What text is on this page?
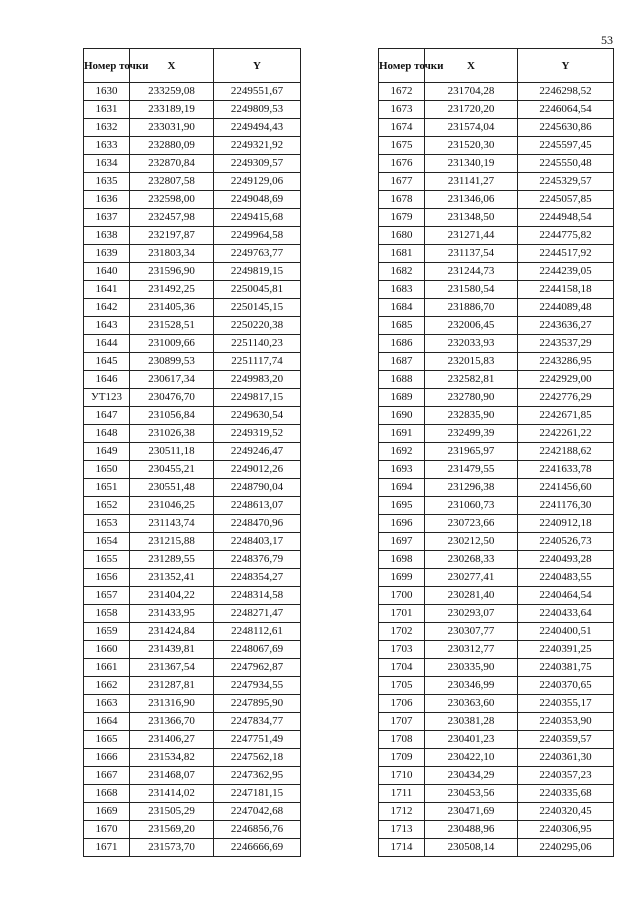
53
Номер точки	X	Y
1630	233259,08	2249551,67
1631	233189,19	2249809,53
1632	233031,90	2249494,43
1633	232880,09	2249321,92
1634	232870,84	2249309,57
1635	232807,58	2249129,06
1636	232598,00	2249048,69
1637	232457,98	2249415,68
1638	232197,87	2249964,58
1639	231803,34	2249763,77
1640	231596,90	2249819,15
1641	231492,25	2250045,81
1642	231405,36	2250145,15
1643	231528,51	2250220,38
1644	231009,66	2251140,23
1645	230899,53	2251117,74
1646	230617,34	2249983,20
УТ123	230476,70	2249817,15
1647	231056,84	2249630,54
1648	231026,38	2249319,52
1649	230511,18	2249246,47
1650	230455,21	2249012,26
1651	230551,48	2248790,04
1652	231046,25	2248613,07
1653	231143,74	2248470,96
1654	231215,88	2248403,17
1655	231289,55	2248376,79
1656	231352,41	2248354,27
1657	231404,22	2248314,58
1658	231433,95	2248271,47
1659	231424,84	2248112,61
1660	231439,81	2248067,69
1661	231367,54	2247962,87
1662	231287,81	2247934,55
1663	231316,90	2247895,90
1664	231366,70	2247834,77
1665	231406,27	2247751,49
1666	231534,82	2247562,18
1667	231468,07	2247362,95
1668	231414,02	2247181,15
1669	231505,29	2247042,68
1670	231569,20	2246856,76
1671	231573,70	2246666,69
Номер точки	X	Y
1672	231704,28	2246298,52
1673	231720,20	2246064,54
1674	231574,04	2245630,86
1675	231520,30	2245597,45
1676	231340,19	2245550,48
1677	231141,27	2245329,57
1678	231346,06	2245057,85
1679	231348,50	2244948,54
1680	231271,44	2244775,82
1681	231137,54	2244517,92
1682	231244,73	2244239,05
1683	231580,54	2244158,18
1684	231886,70	2244089,48
1685	232006,45	2243636,27
1686	232033,93	2243537,29
1687	232015,83	2243286,95
1688	232582,81	2242929,00
1689	232780,90	2242776,29
1690	232835,90	2242671,85
1691	232499,39	2242261,22
1692	231965,97	2242188,62
1693	231479,55	2241633,78
1694	231296,38	2241456,60
1695	231060,73	2241176,30
1696	230723,66	2240912,18
1697	230212,50	2240526,73
1698	230268,33	2240493,28
1699	230277,41	2240483,55
1700	230281,40	2240464,54
1701	230293,07	2240433,64
1702	230307,77	2240400,51
1703	230312,77	2240391,25
1704	230335,90	2240381,75
1705	230346,99	2240370,65
1706	230363,60	2240355,17
1707	230381,28	2240353,90
1708	230401,23	2240359,57
1709	230422,10	2240361,30
1710	230434,29	2240357,23
1711	230453,56	2240335,68
1712	230471,69	2240320,45
1713	230488,96	2240306,95
1714	230508,14	2240295,06
